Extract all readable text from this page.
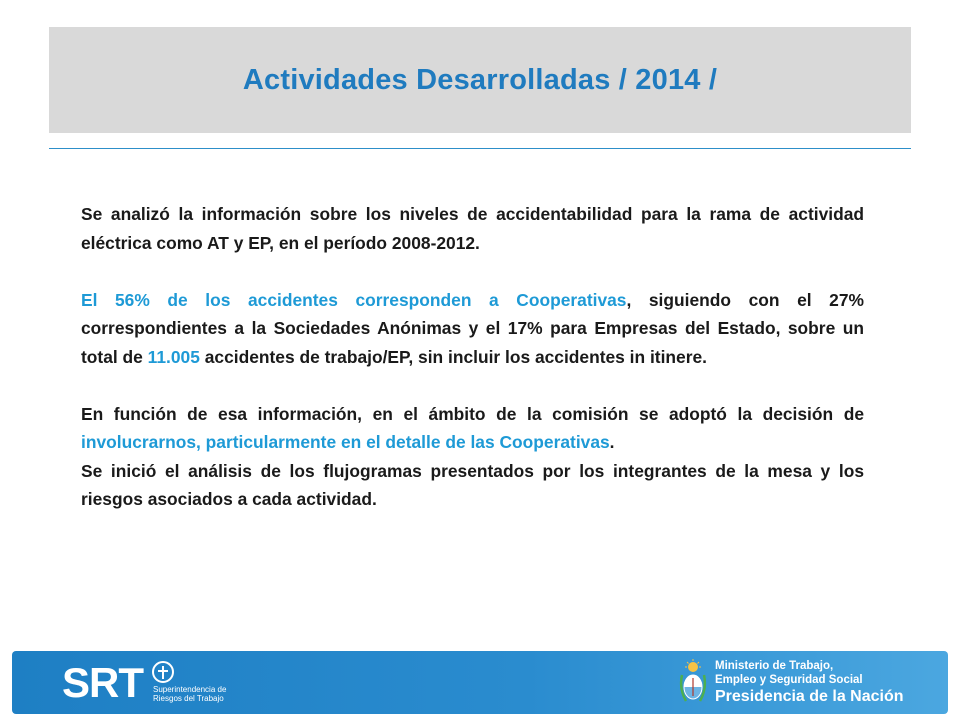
Actividades Desarrolladas / 2014 /

Se analizó la información sobre los niveles de accidentabilidad para la rama de actividad eléctrica como AT y EP, en el período 2008-2012.

El 56% de los accidentes corresponden a Cooperativas, siguiendo con el 27% correspondientes a la Sociedades Anónimas y el 17% para Empresas del Estado, sobre un total de 11.005 accidentes de trabajo/EP, sin incluir los accidentes in itinere.

En función de esa información, en el ámbito de la comisión se adoptó la decisión de involucrarnos, particularmente en el detalle de las Cooperativas.

Se inició el análisis de los flujogramas presentados por los integrantes de la mesa y los riesgos asociados a cada actividad.

SRT Superintendencia de
Riesgos del Trabajo
Ministerio de Trabajo,
Empleo y Seguridad Social
Presidencia de la Nación
